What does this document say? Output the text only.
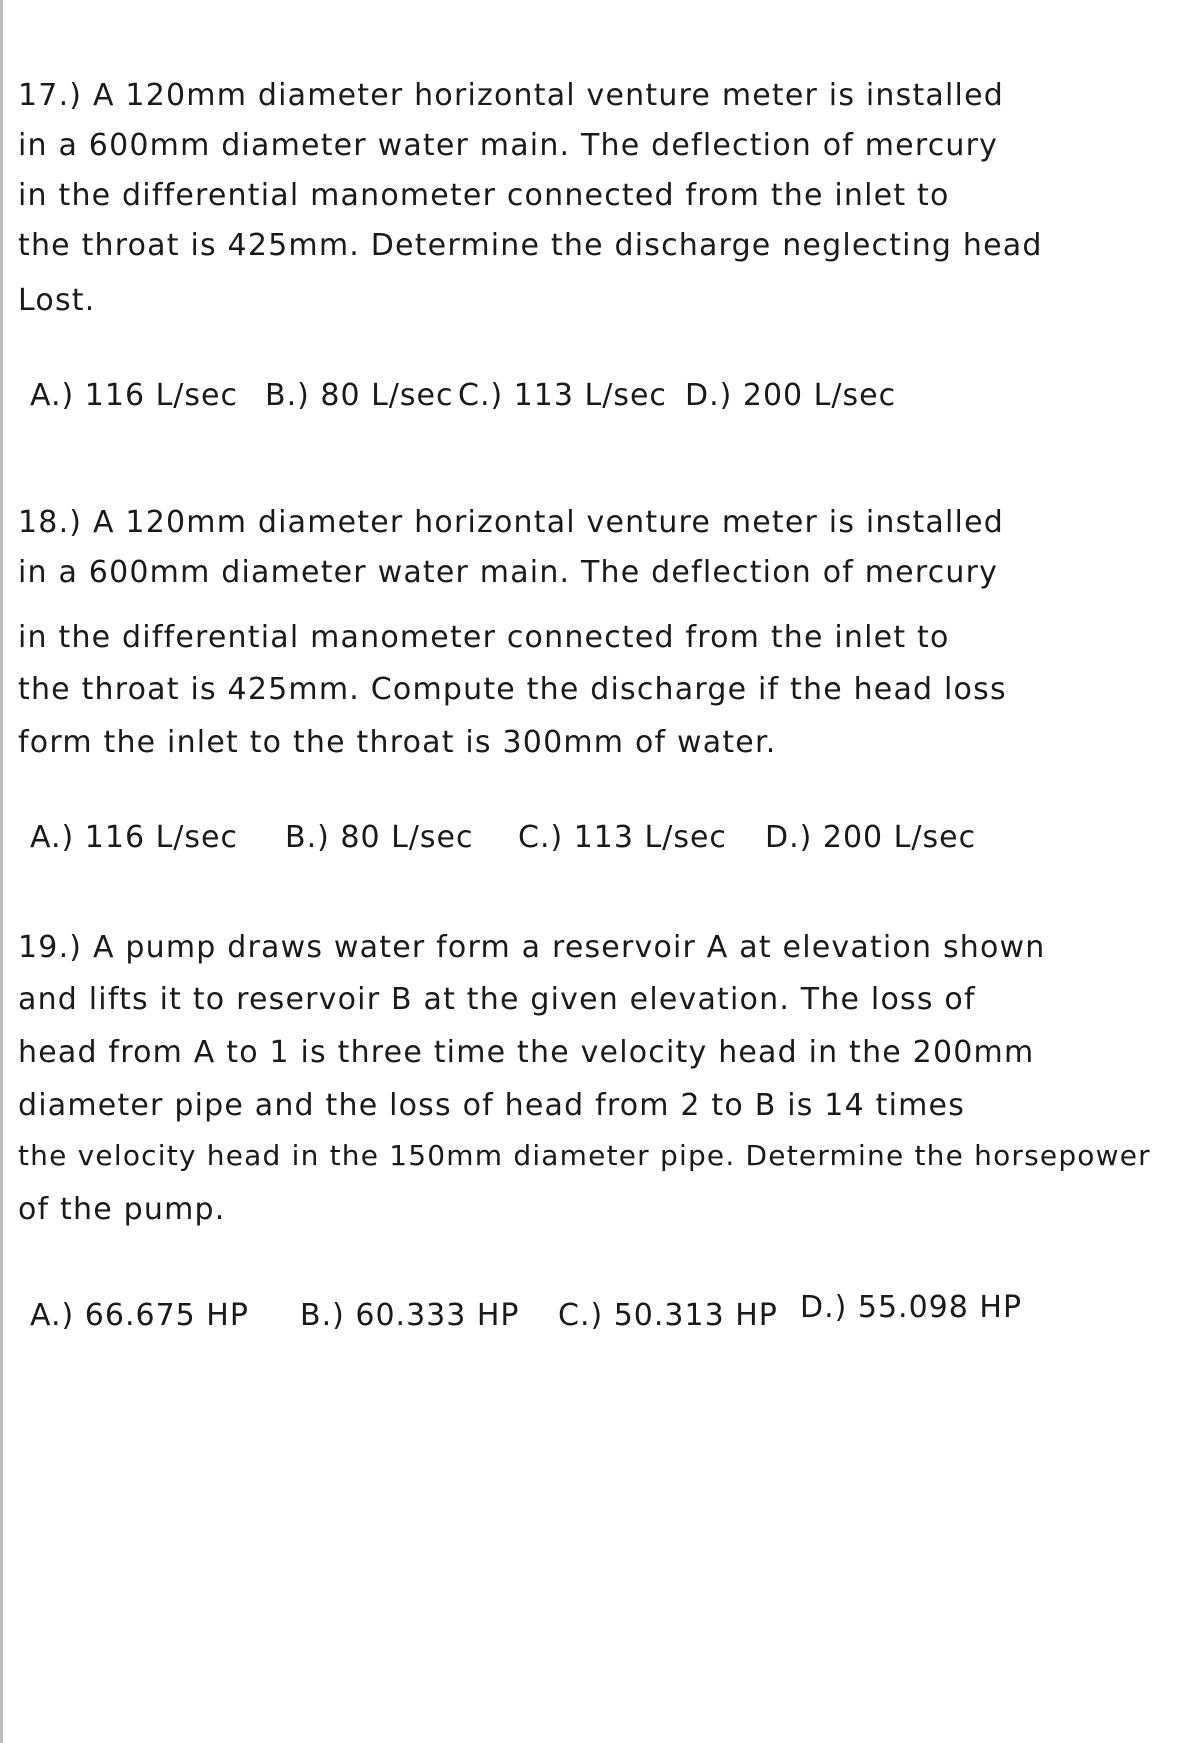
17.) A 120mm diameter horizontal venture meter is installed

in a 600mm diameter water main. The deflection of mercury

in the differential manometer connected from the inlet to

the throat is 425mm. Determine the discharge neglecting head

Lost.

A.) 116 L/sec B.) 80 L/sec C.) 113 L/sec D.) 200 L/sec

18.) A 120mm diameter horizontal venture meter is installed

in a 600mm diameter water main. The deflection of mercury

in the differential manometer connected from the inlet to

the throat is 425mm. Compute the discharge if the head loss

form the inlet to the throat is 300mm of water.

A.) 116 L/sec B.) 80 L/sec C.) 113 L/sec D.) 200 L/sec

19.) A pump draws water form a reservoir A at elevation shown

and lifts it to reservoir B at the given elevation. The loss of

head from A to 1 is three time the velocity head in the 200mm

diameter pipe and the loss of head from 2 to B is 14 times

the velocity head in the 150mm diameter pipe. Determine the horsepower

of the pump.

A.) 66.675 HP B.) 60.333 HP C.) 50.313 HP D.) 55.098 HP
